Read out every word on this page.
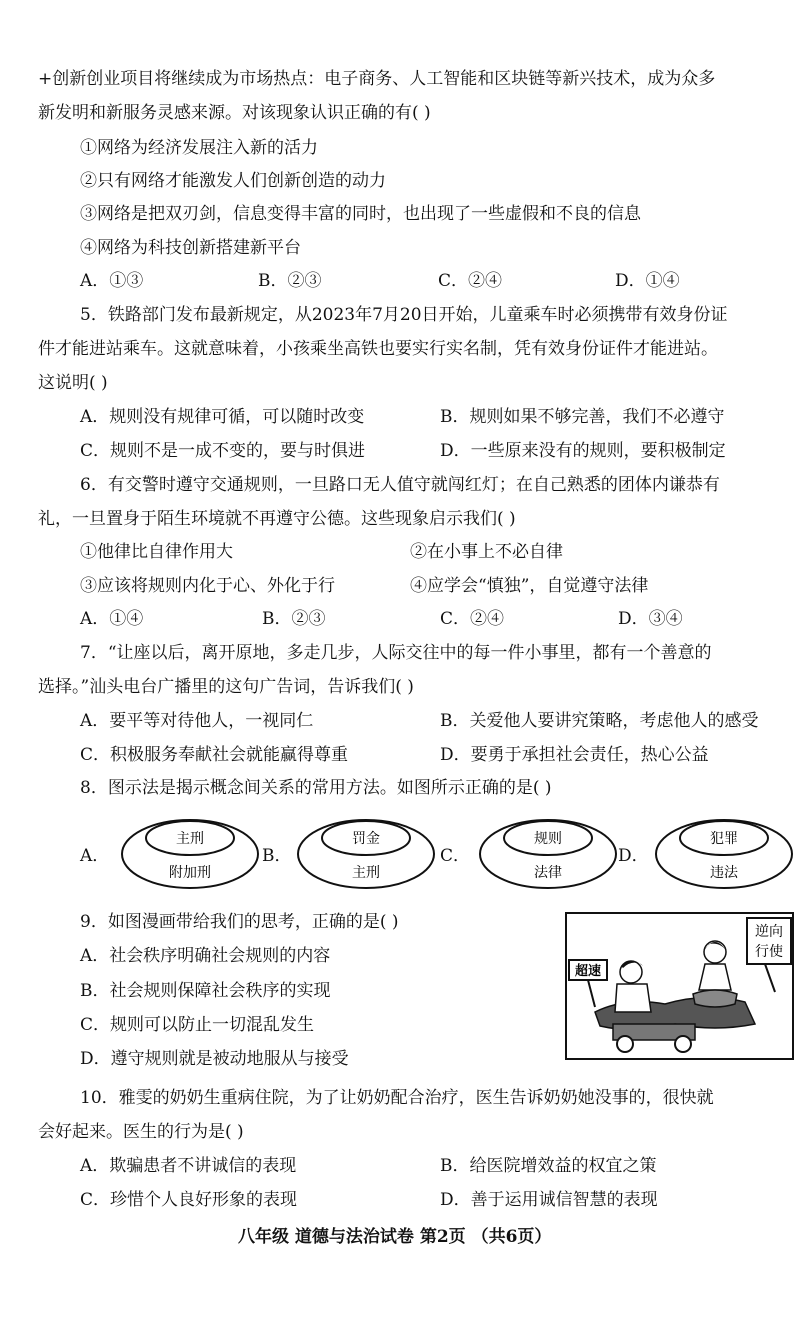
+创新创业项目将继续成为市场热点：电子商务、人工智能和区块链等新兴技术，成为众多
新发明和新服务灵感来源。对该现象认识正确的有( )
①网络为经济发展注入新的活力
②只有网络才能激发人们创新创造的动力
③网络是把双刃剑，信息变得丰富的同时，也出现了一些虚假和不良的信息
④网络为科技创新搭建新平台
A．①③	B．②③	C．②④	D．①④
5．铁路部门发布最新规定，从2023年7月20日开始，儿童乘车时必须携带有效身份证
件才能进站乘车。这就意味着，小孩乘坐高铁也要实行实名制，凭有效身份证件才能进站。
这说明( )
A．规则没有规律可循，可以随时改变	B．规则如果不够完善，我们不必遵守
C．规则不是一成不变的，要与时俱进	D．一些原来没有的规则，要积极制定
6．有交警时遵守交通规则，一旦路口无人值守就闯红灯；在自己熟悉的团体内谦恭有
礼，一旦置身于陌生环境就不再遵守公德。这些现象启示我们( )
①他律比自律作用大	②在小事上不必自律
③应该将规则内化于心、外化于行	④应学会“慎独”，自觉遵守法律
A．①④	B．②③	C．②④	D．③④
7．“让座以后，离开原地，多走几步，人际交往中的每一件小事里，都有一个善意的
选择。”汕头电台广播里的这句广告词，告诉我们( )
A．要平等对待他人，一视同仁	B．关爱他人要讲究策略，考虑他人的感受
C．积极服务奉献社会就能赢得尊重	D．要勇于承担社会责任，热心公益
8．图示法是揭示概念间关系的常用方法。如图所示正确的是( )
A．
主刑
附加刑
B．
罚金
主刑
C．
规则
法律
D．
犯罪
违法
9．如图漫画带给我们的思考，正确的是( )
A．社会秩序明确社会规则的内容
B．社会规则保障社会秩序的实现
C．规则可以防止一切混乱发生
D．遵守规则就是被动地服从与接受
超速
逆向
行使
10．雅雯的奶奶生重病住院，为了让奶奶配合治疗，医生告诉奶奶她没事的，很快就
会好起来。医生的行为是( )
A．欺骗患者不讲诚信的表现	B．给医院增效益的权宜之策
C．珍惜个人良好形象的表现	D．善于运用诚信智慧的表现
八年级 道德与法治试卷 第2页 （共6页）
